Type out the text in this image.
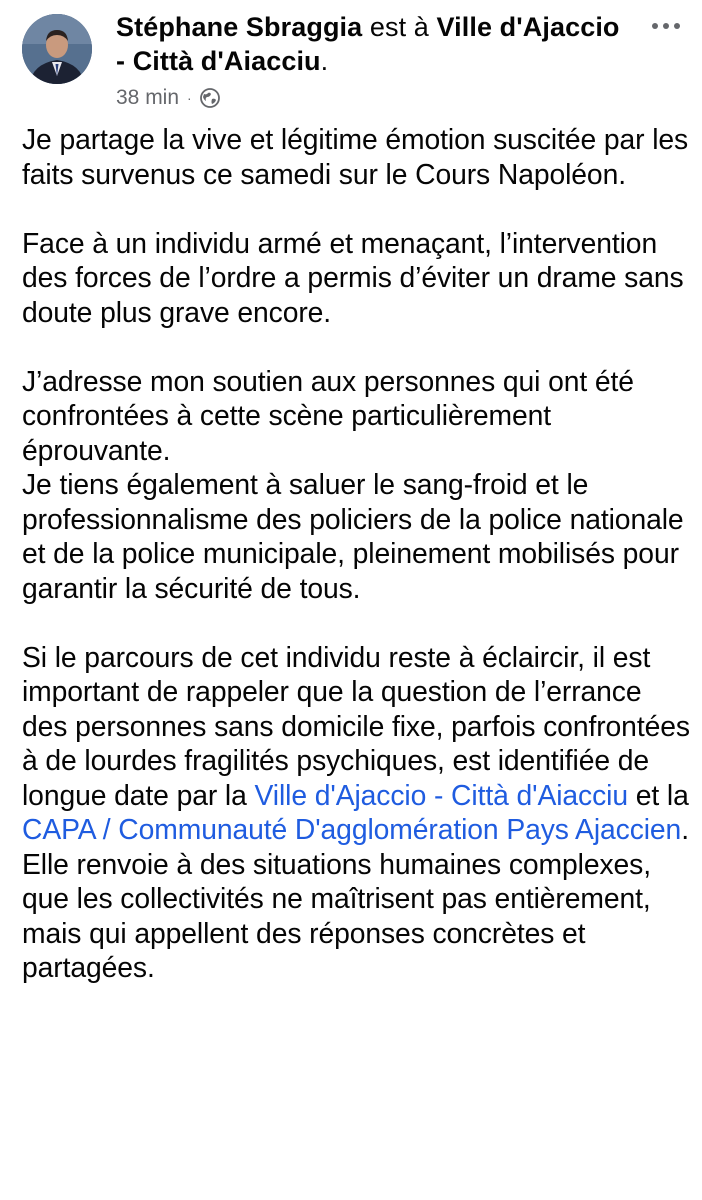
Stéphane Sbraggia est à Ville d'Ajaccio - Città d'Aiacciu.
38 min ·

Je partage la vive et légitime émotion suscitée par les faits survenus ce samedi sur le Cours Napoléon.

Face à un individu armé et menaçant, l’intervention des forces de l’ordre a permis d’éviter un drame sans doute plus grave encore.

J’adresse mon soutien aux personnes qui ont été confrontées à cette scène particulièrement éprouvante.

Je tiens également à saluer le sang-froid et le professionnalisme des policiers de la police nationale et de la police municipale, pleinement mobilisés pour garantir la sécurité de tous.

Si le parcours de cet individu reste à éclaircir, il est important de rappeler que la question de l’errance des personnes sans domicile fixe, parfois confrontées à de lourdes fragilités psychiques, est identifiée de longue date par la Ville d'Ajaccio - Città d'Aiacciu et la CAPA / Communauté D'agglomération Pays Ajaccien. Elle renvoie à des situations humaines complexes, que les collectivités ne maîtrisent pas entièrement, mais qui appellent des réponses concrètes et partagées.
